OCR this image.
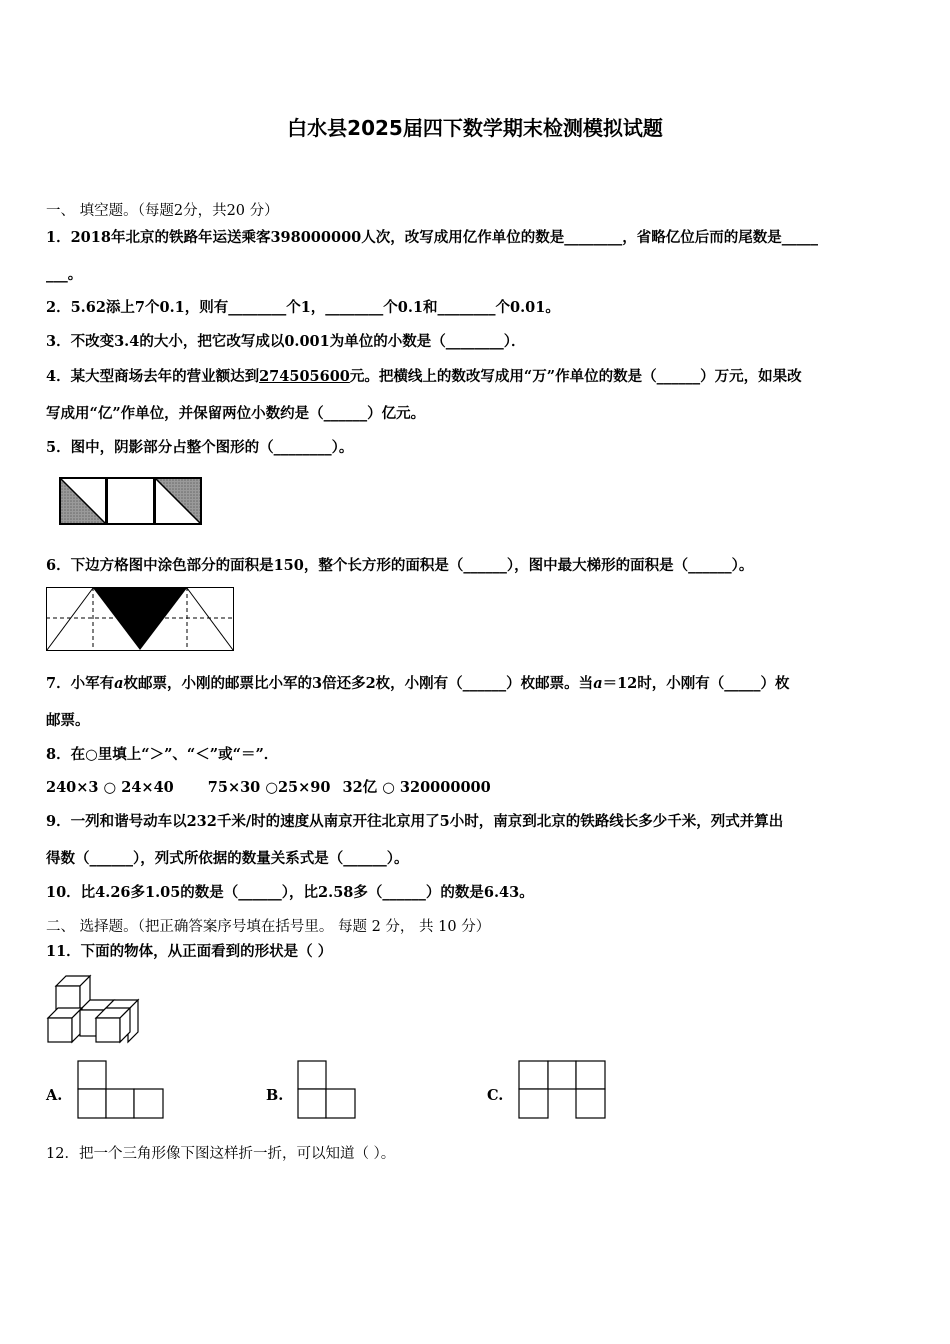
白水县2025届四下数学期末检测模拟试题
一、 填空题。（每题2分，共20 分）
1．2018年北京的铁路年运送乘客398000000人次，改写成用亿作单位的数是________，省略亿位后而的尾数是_____
___。
2．5.62添上7个0.1，则有________个1，________个0.1和________个0.01。
3．不改变3.4的大小，把它改写成以0.001为单位的小数是（________）．
4．某大型商场去年的营业额达到274505600元。把横线上的数改写成用“万”作单位的数是（______）万元，如果改
写成用“亿”作单位，并保留两位小数约是（______）亿元。
5．图中，阴影部分占整个图形的（________）。
6．下边方格图中涂色部分的面积是150，整个长方形的面积是（______），图中最大梯形的面积是（______）。
7．小军有a枚邮票，小刚的邮票比小军的3倍还多2枚，小刚有（______）枚邮票。当a＝12时，小刚有（_____）枚
邮票。
8．在○里填上“＞”、“＜”或“＝”．
240×3 ○ 24×40 75×30 ○25×90 32亿 ○ 320000000
9．一列和谐号动车以232千米/时的速度从南京开往北京用了5小时，南京到北京的铁路线长多少千米，列式并算出
得数（______），列式所依据的数量关系式是（______）。
10．比4.26多1.05的数是（______），比2.58多（______）的数是6.43。
二、 选择题。（把正确答案序号填在括号里。 每题 2 分， 共 10 分）
11．下面的物体，从正面看到的形状是（ ）
A.	B.	C.
12．把一个三角形像下图这样折一折，可以知道（ ）。
